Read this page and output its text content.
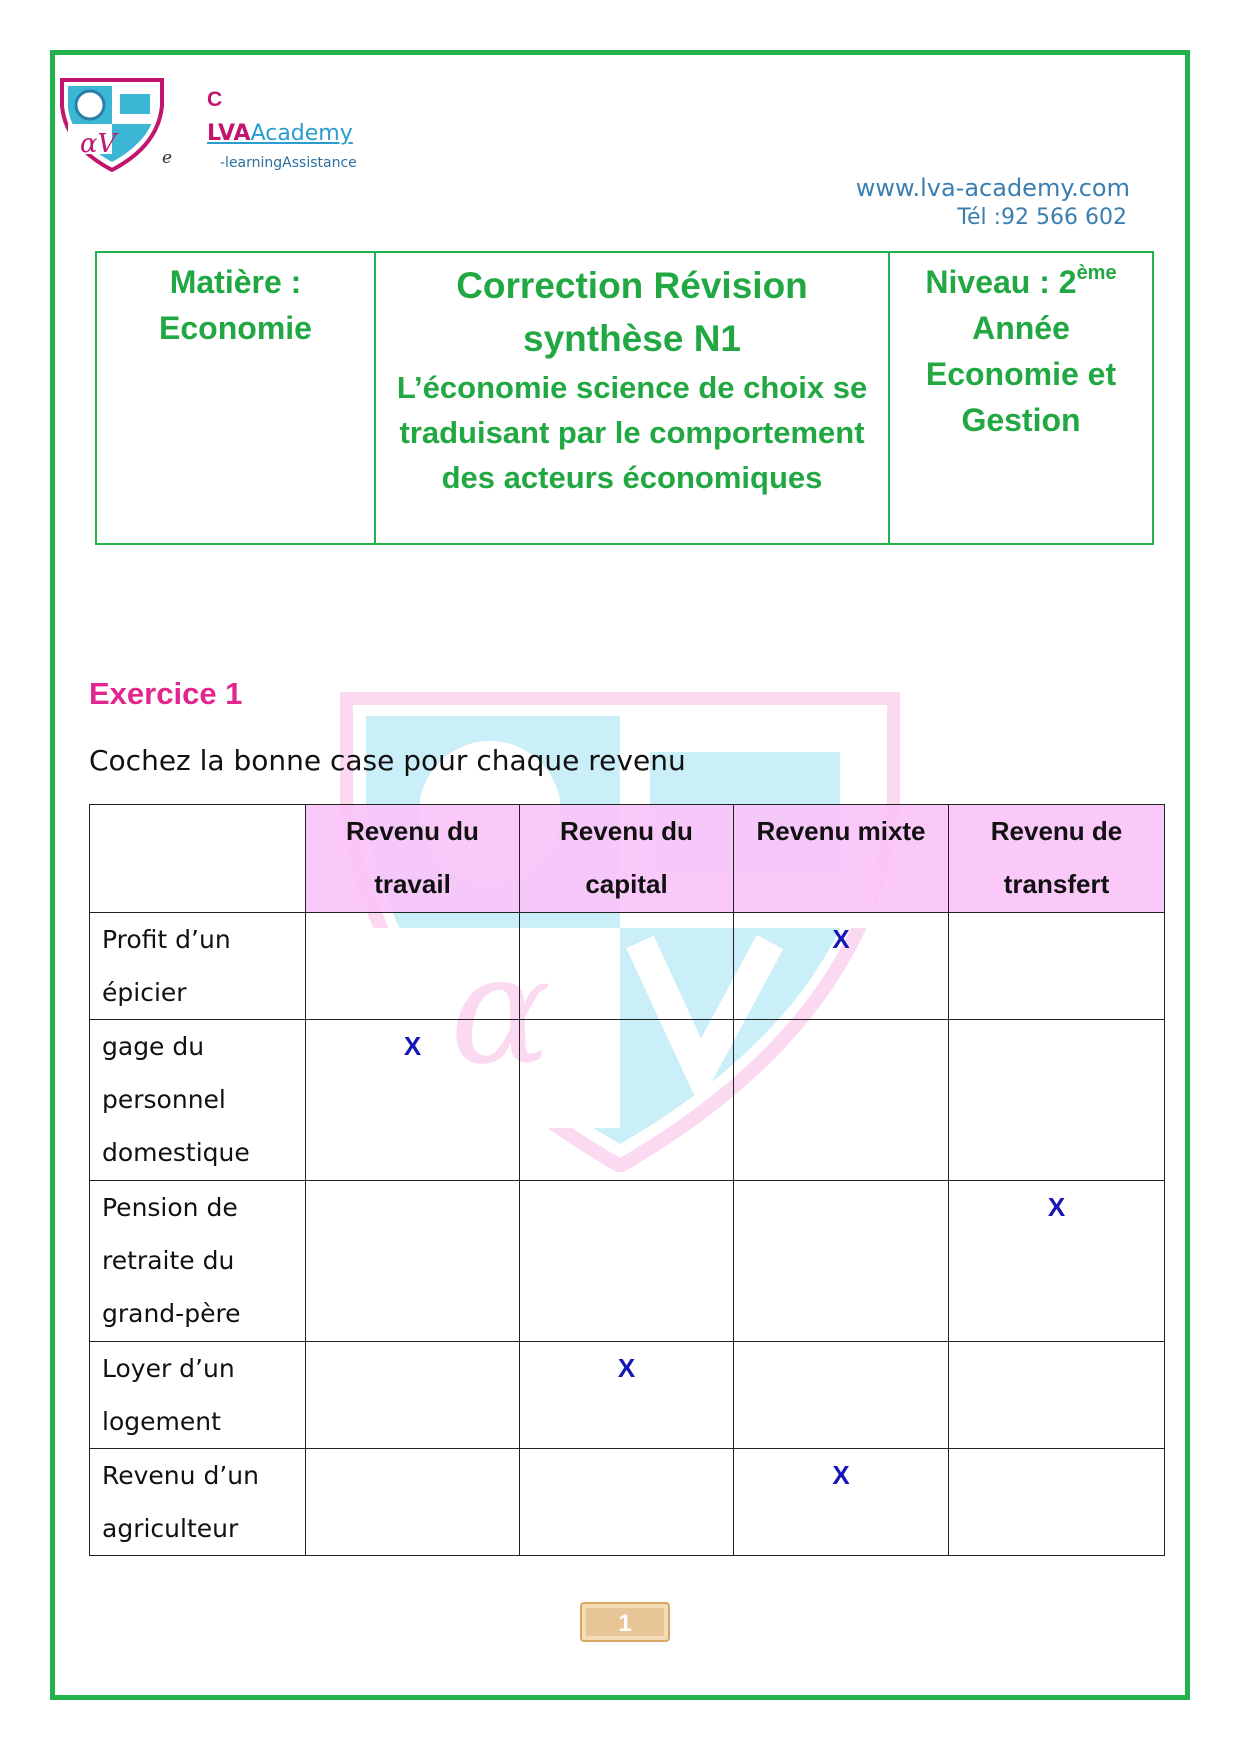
αV
C
LVAAcademy
e	-learningAssistance
www.lva-academy.com
Tél :92 566 602
Matière :
Economie

Correction Révision
synthèse N1
L’économie science de choix se traduisant par le comportement des acteurs économiques

Niveau : 2ème
Année
Economie et Gestion
α
Exercice 1
Cochez la bonne case pour chaque revenu
	Revenu du travail	Revenu du capital	Revenu mixte	Revenu de transfert
Profit d’un épicier			X	
gage du personnel domestique	X			
Pension de retraite du grand-père				X
Loyer d’un logement		X		
Revenu d’un agriculteur			X	
1
